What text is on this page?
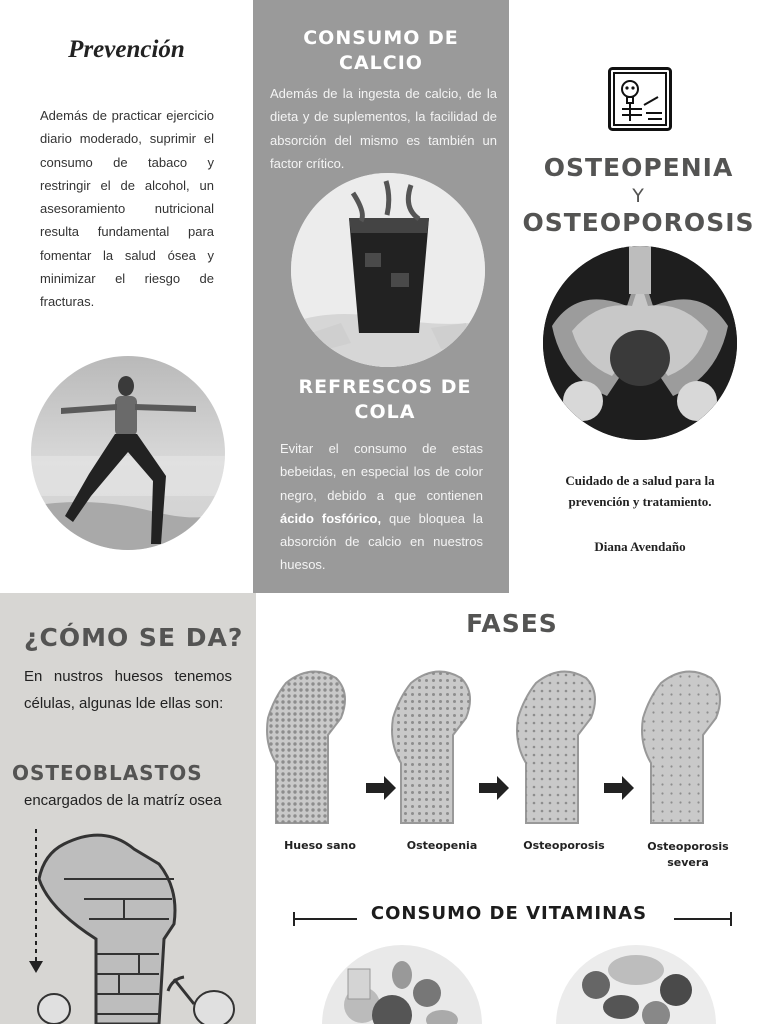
Prevención
Además de practicar ejercicio diario moderado, suprimir el consumo de tabaco y restringir el de alcohol, un asesoramiento nutricional resulta fundamental para fomentar la salud ósea y minimizar el riesgo de fracturas.
CONSUMO DE
CALCIO
Además de la ingesta de calcio, de la dieta y de suplementos, la facilidad de absorción del mismo es también un factor crítico.
REFRESCOS DE
COLA
Evitar el consumo de estas bebeidas, en especial los de color negro, debido a que contienen ácido fosfórico, que bloquea la absorción de calcio en nuestros huesos.
OSTEOPENIA
Y
OSTEOPOROSIS
Cuidado de a salud para la prevención y tratamiento.
Diana Avendaño
¿CÓMO SE DA?
En nustros huesos tenemos células, algunas lde ellas son:
OSTEOBLASTOS
encargados de la matríz osea
FASES
Hueso sano	Osteopenia	Osteoporosis	Osteoporosis severa
CONSUMO DE VITAMINAS
